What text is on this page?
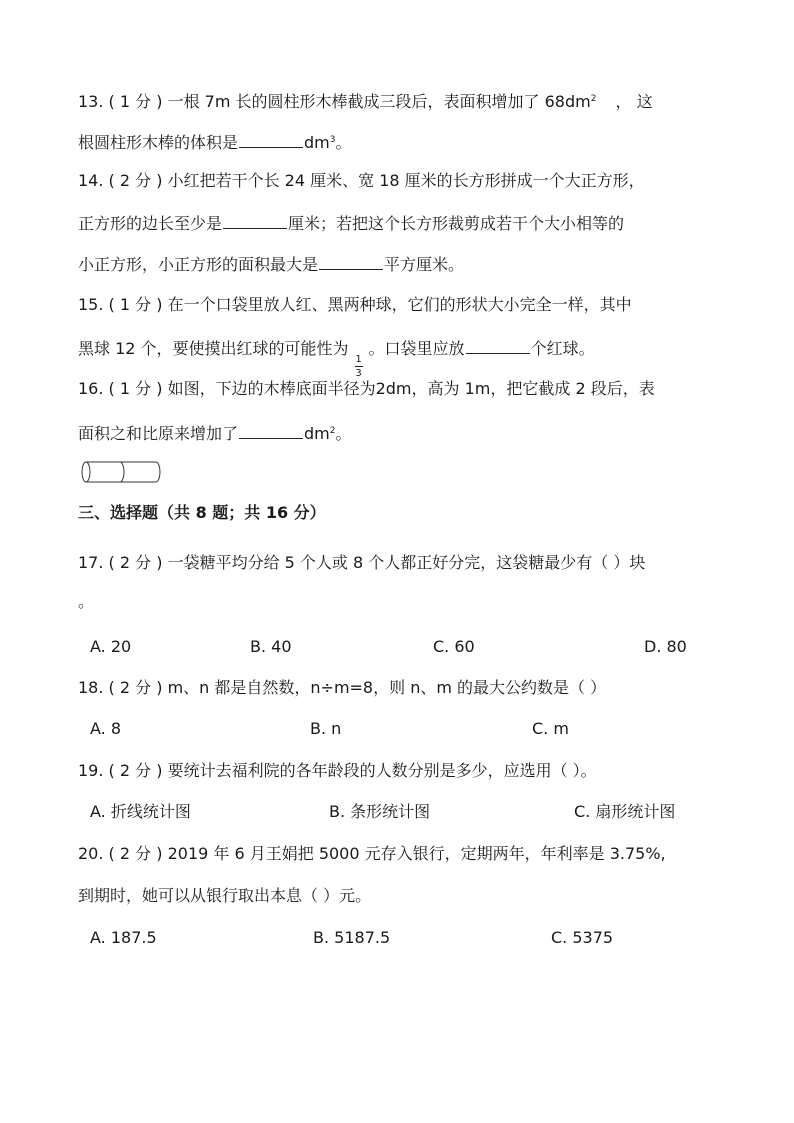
13. ( 1 分 ) 一根 7m 长的圆柱形木棒截成三段后，表面积增加了 $68dm^2$ ， 这
根圆柱形木棒的体积是	$dm^3$。
14. ( 2 分 ) 小红把若干个长 24 厘米、宽 18 厘米的长方形拼成一个大正方形，
正方形的边长至少是	厘米；若把这个长方形裁剪成若干个大小相等的
小正方形，小正方形的面积最大是	平方厘米。
15. ( 1 分 ) 在一个口袋里放人红、黑两种球，它们的形状大小完全一样，其中
黑球 12 个，要使摸出红球的可能性为
$\frac{1}{3}$
。口袋里应放	个红球。
16. ( 1 分 ) 如图，下边的木棒底面半径为2dm，高为 1m，把它截成 2 段后，表
面积之和比原来增加了	$dm^2$。
三、选择题（共 8 题；共 16 分）
17. ( 2 分 ) 一袋糖平均分给 5 个人或 8 个人都正好分完，这袋糖最少有（ ）块
。
A. 20	B. 40	C. 60	D. 80
18. ( 2 分 ) m、n 都是自然数，n÷m=8，则 n、m 的最大公约数是（ ）
A. 8	B. n	C. m
19. ( 2 分 ) 要统计去福利院的各年龄段的人数分别是多少，应选用（ ）。
A. 折线统计图	B. 条形统计图	C. 扇形统计图
20. ( 2 分 ) 2019 年 6 月王娟把 5000 元存入银行，定期两年，年利率是 3.75%,
到期时，她可以从银行取出本息（ ）元。
A. 187.5	B. 5187.5	C. 5375
